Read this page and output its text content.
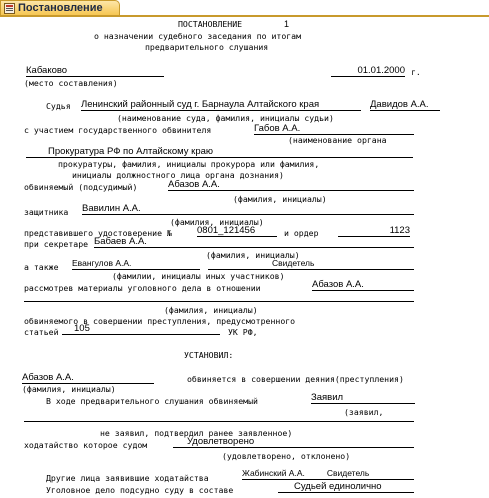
Постановление
ПОСТАНОВЛЕНИЕ	1
о назначении судебного заседания по итогам
предварительного слушания
Кабаково	01.01.2000 г.
(место составления)
Судья Ленинский районный суд г. Барнаула Алтайского края	Давидов А.А.
(наименование суда, фамилия, инициалы судьи)
с участием государственного обвинителя	Габов А.А.
(наименование органа
Прокуратура РФ по Алтайскому краю
прокуратуры, фамилия, инициалы прокурора или фамилия,
инициалы должностного лица органа дознания)
обвиняемый (подсудимый)	Абазов А.А.
(фамилия, инициалы)
защитника Вавилин А.А.
(фамилия, инициалы)
представившего удостоверение №	0801_121456	и ордер	1123
при секретаре Бабаев А.А.
(фамилия, инициалы)
а также Евангулов А.А.	Свидетель
(фамилии, инициалы иных участников)
рассмотрев материалы уголовного дела в отношении	Абазов А.А.
(фамилия, инициалы)
обвиняемого в совершении преступления, предусмотренного
статьей	105	УК РФ,
УСТАНОВИЛ:
Абазов А.А.	обвиняется в совершении деяния(преступления)
(фамилия, инициалы)
В ходе предварительного слушания обвиняемый	Заявил
(заявил,
не заявил, подтвердил ранее заявленное)
ходатайство которое судом	Удовлетворено
(удовлетворено, отклонено)
Другие лица заявившие ходатайства	Жабинский А.А.	Свидетель
Уголовное дело подсудно суду в составе	Судьей единолично
